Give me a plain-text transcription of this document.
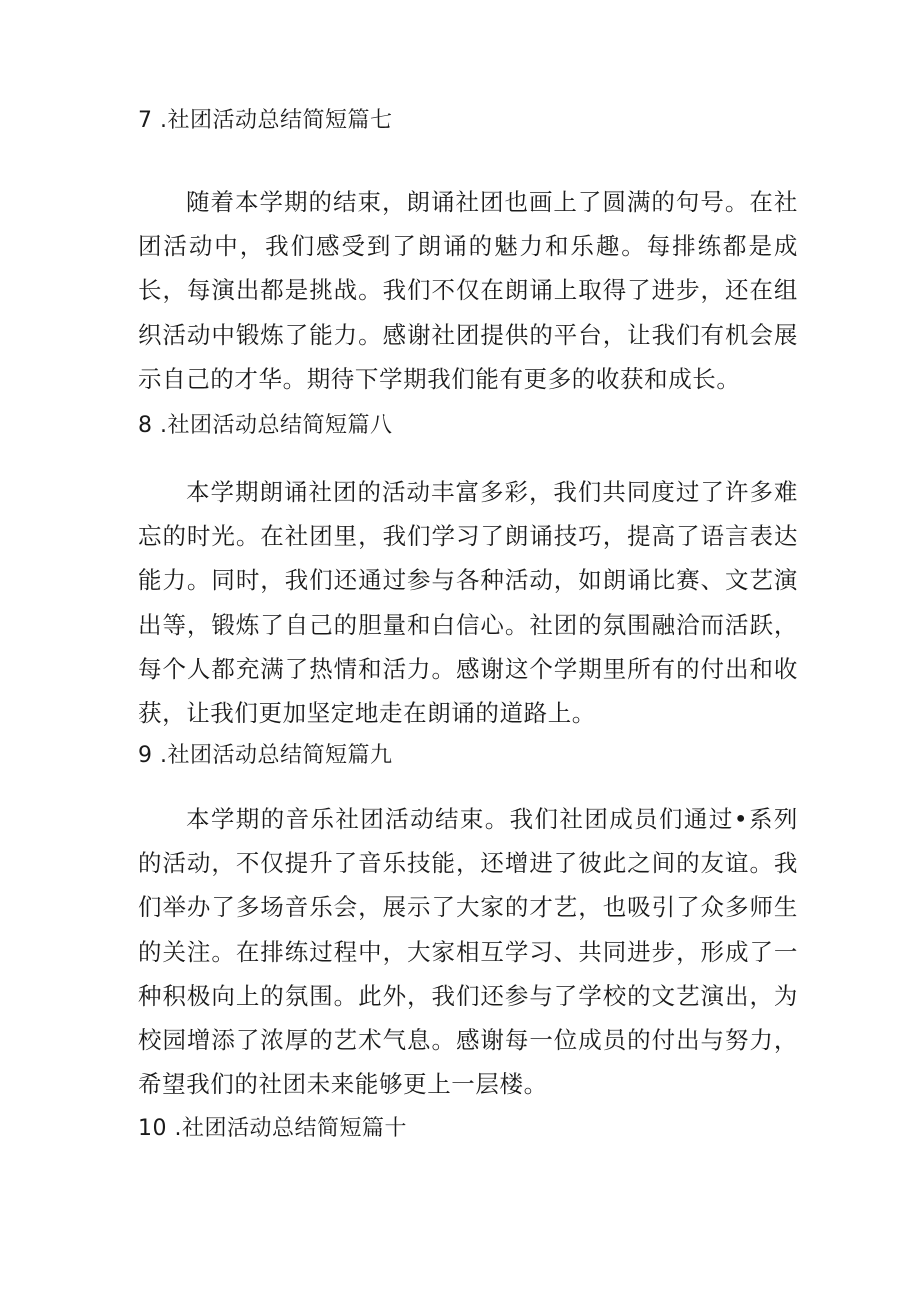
7 .社团活动总结简短篇七

随着本学期的结束，朗诵社团也画上了圆满的句号。在社团活动中，我们感受到了朗诵的魅力和乐趣。每排练都是成长，每演出都是挑战。我们不仅在朗诵上取得了进步，还在组织活动中锻炼了能力。感谢社团提供的平台，让我们有机会展示自己的才华。期待下学期我们能有更多的收获和成长。

8 .社团活动总结简短篇八

本学期朗诵社团的活动丰富多彩，我们共同度过了许多难忘的时光。在社团里，我们学习了朗诵技巧，提高了语言表达能力。同时，我们还通过参与各种活动，如朗诵比赛、文艺演出等，锻炼了自己的胆量和白信心。社团的氛围融洽而活跃，每个人都充满了热情和活力。感谢这个学期里所有的付出和收获，让我们更加坚定地走在朗诵的道路上。

9 .社团活动总结简短篇九

本学期的音乐社团活动结束。我们社团成员们通过•系列的活动，不仅提升了音乐技能，还增进了彼此之间的友谊。我们举办了多场音乐会，展示了大家的才艺，也吸引了众多师生的关注。在排练过程中，大家相互学习、共同进步，形成了一种积极向上的氛围。此外，我们还参与了学校的文艺演出，为校园增添了浓厚的艺术气息。感谢每一位成员的付出与努力，希望我们的社团未来能够更上一层楼。

10 .社团活动总结简短篇十
